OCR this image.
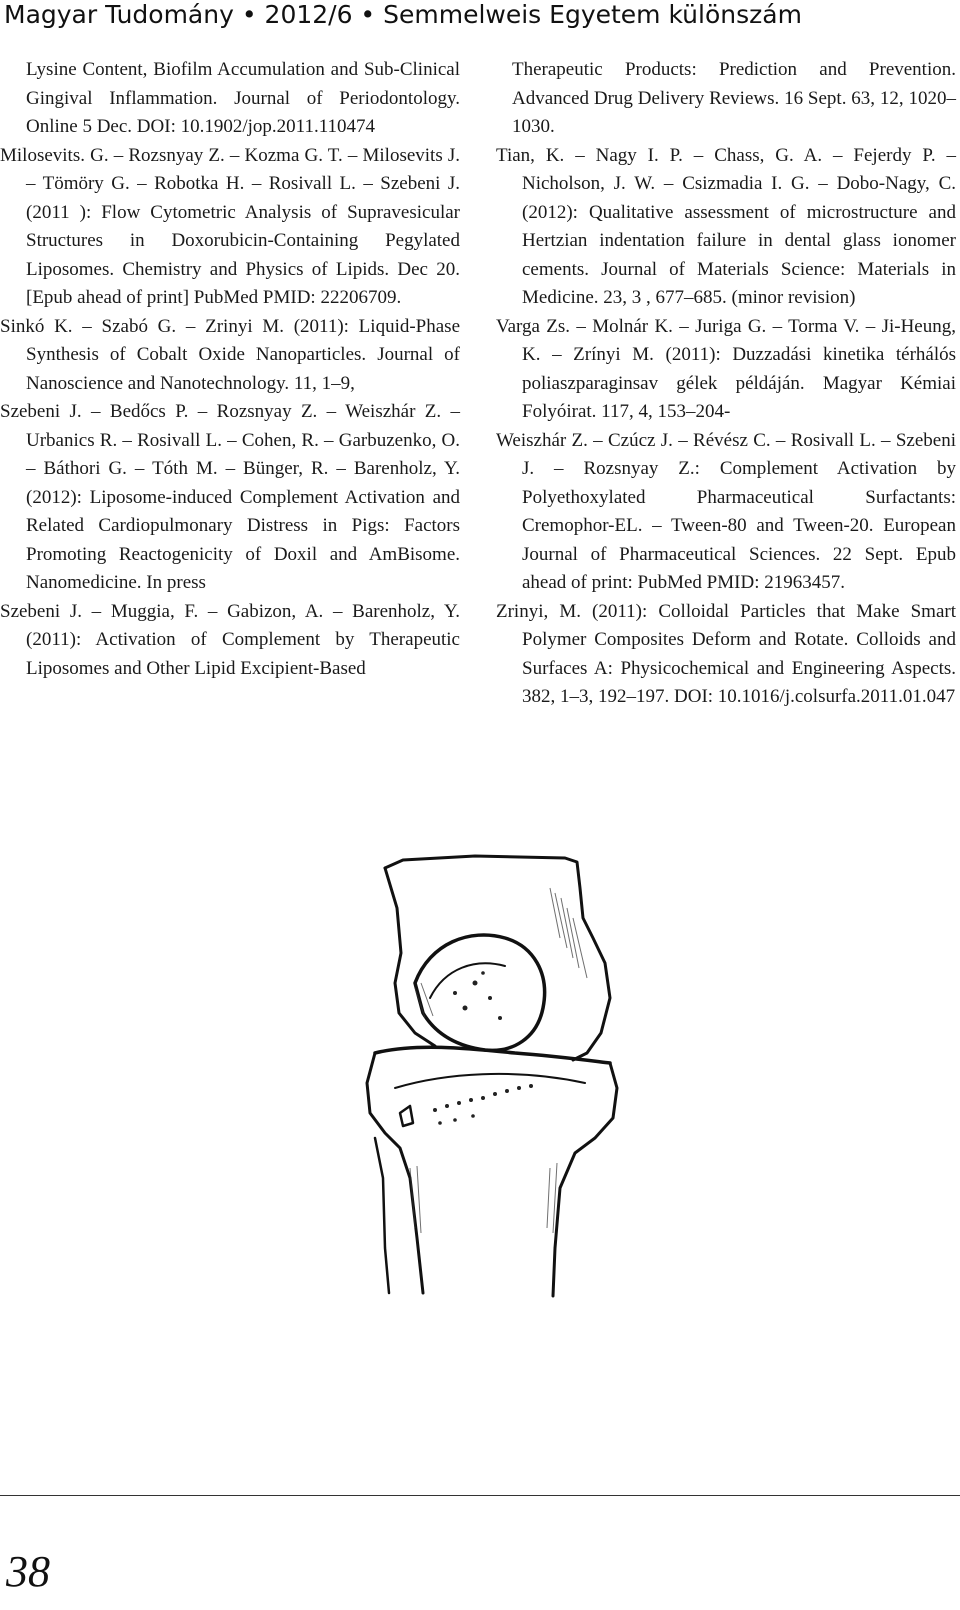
Magyar Tudomány • 2012/6 • Semmelweis Egyetem különszám

Lysine Content, Biofilm Accumulation and Sub-Clinical Gingival Inflammation. Journal of Periodontology. Online 5 Dec. DOI: 10.1902/jop.2011.110474

Milosevits. G. – Rozsnyay Z. – Kozma G. T. – Milosevits J. – Tömöry G. – Robotka H. – Rosivall L. – Szebeni J. (2011 ): Flow Cytometric Analysis of Supravesicular Structures in Doxorubicin-Containing Pegylated Liposomes. Chemistry and Physics of Lipids. Dec 20. [Epub ahead of print] PubMed PMID: 22206709.

Sinkó K. – Szabó G. – Zrinyi M. (2011): Liquid-Phase Synthesis of Cobalt Oxide Nanoparticles. Journal of Nanoscience and Nanotechnology. 11, 1–9,

Szebeni J. – Bedőcs P. – Rozsnyay Z. – Weiszhár Z. – Urbanics R. – Rosivall L. – Cohen, R. – Garbuzenko, O. – Báthori G. – Tóth M. – Bünger, R. – Barenholz, Y. (2012): Liposome-induced Complement Activation and Related Cardiopulmonary Distress in Pigs: Factors Promoting Reactogenicity of Doxil and AmBisome. Nanomedicine. In press

Szebeni J. – Muggia, F. – Gabizon, A. – Barenholz, Y. (2011): Activation of Complement by Therapeutic Liposomes and Other Lipid Excipient-Based

Therapeutic Products: Prediction and Prevention. Advanced Drug Delivery Reviews. 16 Sept. 63, 12, 1020–1030.

Tian, K. – Nagy I. P. – Chass, G. A. – Fejerdy P. – Nicholson, J. W. – Csizmadia I. G. – Dobo-Nagy, C. (2012): Qualitative assessment of microstructure and Hertzian indentation failure in dental glass ionomer cements. Journal of Materials Science: Materials in Medicine. 23, 3 , 677–685. (minor revision)

Varga Zs. – Molnár K. – Juriga G. – Torma V. – Ji-Heung, K. – Zrínyi M. (2011): Duzzadási kinetika térhálós poliaszparaginsav gélek példáján. Magyar Kémiai Folyóirat. 117, 4, 153–204-

Weiszhár Z. – Czúcz J. – Révész C. – Rosivall L. – Szebeni J. – Rozsnyay Z.: Complement Activation by Polyethoxylated Pharmaceutical Surfactants: Cremophor-EL. – Tween-80 and Tween-20. European Journal of Pharmaceutical Sciences. 22 Sept. Epub ahead of print: PubMed PMID: 21963457.

Zrinyi, M. (2011): Colloidal Particles that Make Smart Polymer Composites Deform and Rotate. Colloids and Surfaces A: Physicochemical and Engineering Aspects. 382, 1–3, 192–197. DOI: 10.1016/j.colsurfa.2011.01.047

38
